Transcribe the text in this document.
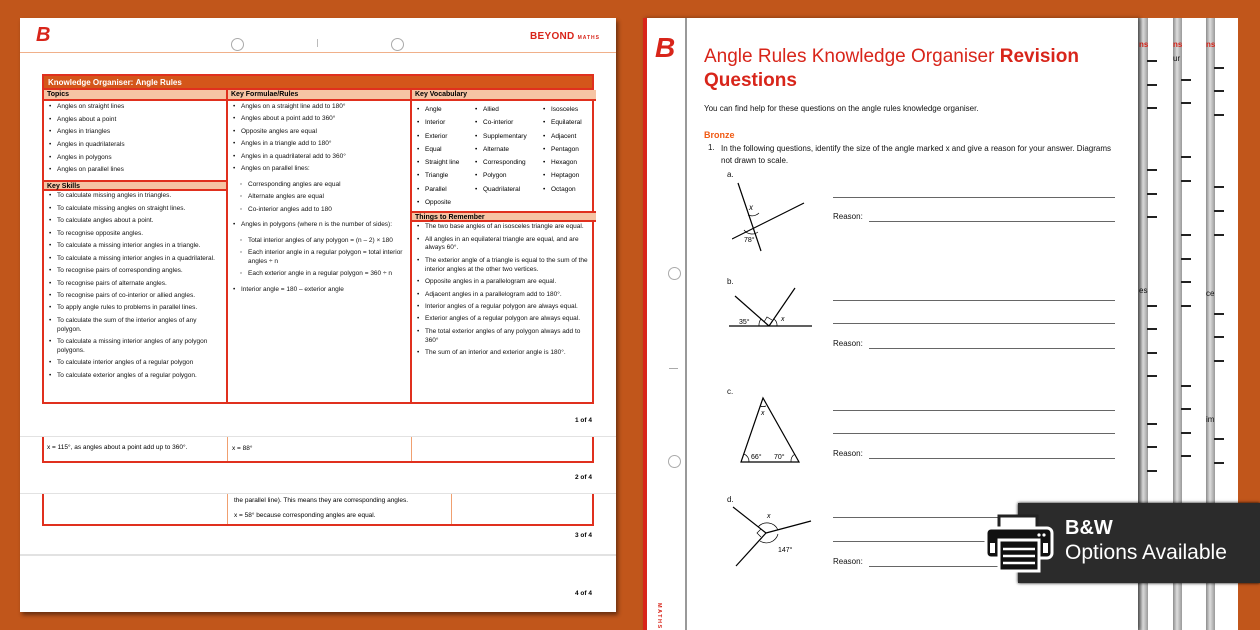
B	BEYOND MATHS
Knowledge Organiser: Angle Rules
Topics
• Angles on straight lines
• Angles about a point
• Angles in triangles
• Angles in quadrilaterals
• Angles in polygons
• Angles on parallel lines
Key Skills
• To calculate missing angles in triangles.
• To calculate missing angles on straight lines.
• To calculate angles about a point.
• To recognise opposite angles.
• To calculate a missing interior angles in a triangle.
• To calculate a missing interior angles in a quadrilateral.
• To recognise pairs of corresponding angles.
• To recognise pairs of alternate angles.
• To recognise pairs of co-interior or allied angles.
• To apply angle rules to problems in parallel lines.
• To calculate the sum of the interior angles of any polygon.
• To calculate a missing interior angles of any polygon polygons.
• To calculate interior angles of a regular polygon
• To calculate exterior angles of a regular polygon.
Key Formulae/Rules
• Angles on a straight line add to 180°
• Angles about a point add to 360°
• Opposite angles are equal
• Angles in a triangle add to 180°
• Angles in a quadrilateral add to 360°
• Angles on parallel lines:
◦ Corresponding angles are equal
◦ Alternate angles are equal
◦ Co-interior angles add to 180
• Angles in polygons (where n is the number of sides):
◦ Total interior angles of any polygon = (n – 2) × 180
◦ Each interior angle in a regular polygon = total interior angles ÷ n
◦ Each exterior angle in a regular polygon = 360 ÷ n
• Interior angle = 180 – exterior angle
Key Vocabulary
• Angle	• Allied	• Isosceles
• Interior	• Co-interior	• Equilateral
• Exterior	• Supplementary	• Adjacent
• Equal	• Alternate	• Pentagon
• Straight line	• Corresponding	• Hexagon
• Triangle	• Polygon	• Heptagon
• Parallel	• Quadrilateral	• Octagon
• Opposite
Things to Remember
• The two base angles of an isosceles triangle are equal.
• All angles in an equilateral triangle are equal, and are always 60°.
• The exterior angle of a triangle is equal to the sum of the interior angles at the other two vertices.
• Opposite angles in a parallelogram are equal.
• Adjacent angles in a parallelogram add to 180°.
• Interior angles of a regular polygon are always equal.
• Exterior angles of a regular polygon are always equal.
• The total exterior angles of any polygon always add to 360°
• The sum of an interior and exterior angle is 180°.
1 of 4
x = 115°, as angles about a point add up to 360°.	x = 88°
2 of 4
the parallel line). This means they are corresponding angles.
x = 58° because corresponding angles are equal.
3 of 4
4 of 4
ns
ce
im
ns
ur
ns
es
B
MATHS
Angle Rules Knowledge Organiser Revision Questions
You can find help for these questions on the angle rules knowledge organiser.
Bronze
1. In the following questions, identify the size of the angle marked x and give a reason for your answer. Diagrams not drawn to scale.
a.
x
78°
Reason:
b.
35°	x
Reason:
c.
x
66° 70°	Reason:
d.
x
147°
Reason:
B&W
Options Available
